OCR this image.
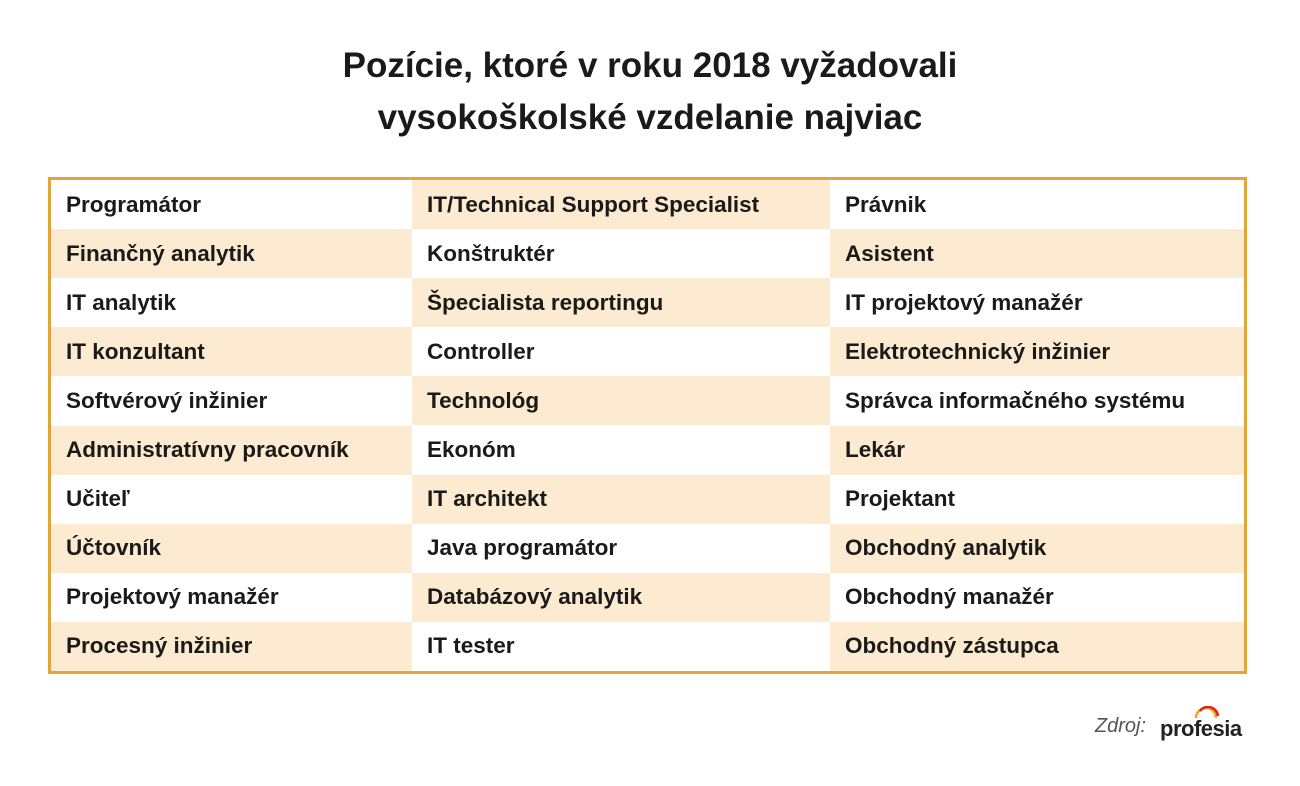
Pozície, ktoré v roku 2018 vyžadovali
vysokoškolské vzdelanie najviac
Programátor
Finančný analytik
IT analytik
IT konzultant
Softvérový inžinier
Administratívny pracovník
Učiteľ
Účtovník
Projektový manažér
Procesný inžinier
IT/Technical Support Specialist
Konštruktér
Špecialista reportingu
Controller
Technológ
Ekonóm
IT architekt
Java programátor
Databázový analytik
IT tester
Právnik
Asistent
IT projektový manažér
Elektrotechnický inžinier
Správca informačného systému
Lekár
Projektant
Obchodný analytik
Obchodný manažér
Obchodný zástupca
Zdroj: profesia
